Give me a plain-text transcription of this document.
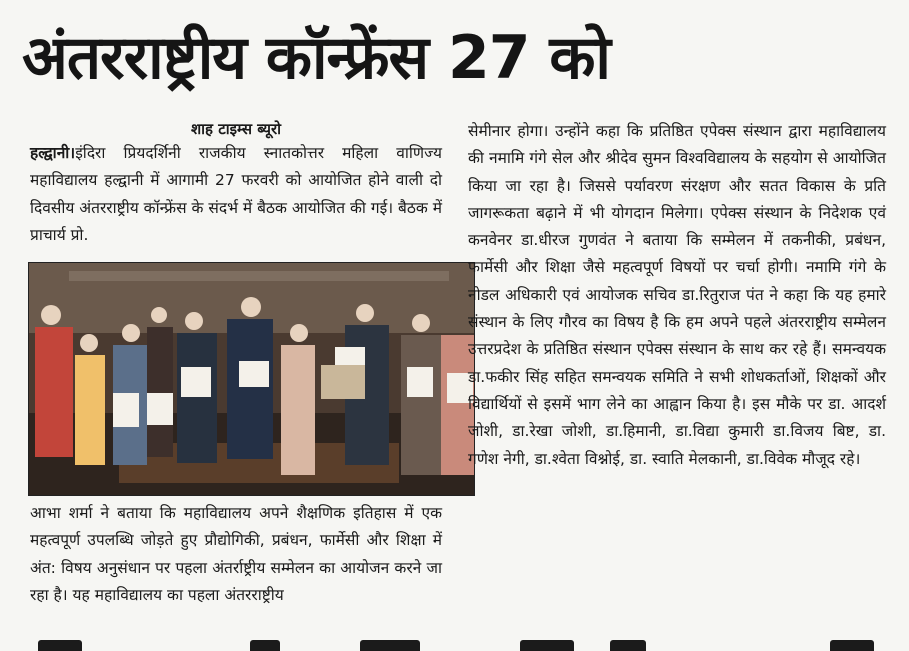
अंतरराष्ट्रीय कॉन्फ्रेंस 27 को
शाह टाइम्स ब्यूरो

हल्द्वानी।इंदिरा प्रियदर्शिनी राजकीय स्नातकोत्तर महिला वाणिज्य महाविद्यालय हल्द्वानी में आगामी 27 फरवरी को आयोजित होने वाली दो दिवसीय अंतरराष्ट्रीय कॉन्फ्रेंस के संदर्भ में बैठक आयोजित की गई। बैठक में प्राचार्य प्रो.

आभा शर्मा ने बताया कि महाविद्यालय अपने शैक्षणिक इतिहास में एक महत्वपूर्ण उपलब्धि जोड़ते हुए प्रौद्योगिकी, प्रबंधन, फार्मेसी और शिक्षा में अंत: विषय अनुसंधान पर पहला अंतर्राष्ट्रीय सम्मेलन का आयोजन करने जा रहा है। यह महाविद्यालय का पहला अंतरराष्ट्रीय

सेमीनार होगा। उन्होंने कहा कि प्रतिष्ठित एपेक्स संस्थान द्वारा महाविद्यालय की नमामि गंगे सेल और श्रीदेव सुमन विश्वविद्यालय के सहयोग से आयोजित किया जा रहा है। जिससे पर्यावरण संरक्षण और सतत विकास के प्रति जागरूकता बढ़ाने में भी योगदान मिलेगा। एपेक्स संस्थान के निदेशक एवं कनवेनर डा.धीरज गुणवंत ने बताया कि सम्मेलन में तकनीकी, प्रबंधन, फार्मेसी और शिक्षा जैसे महत्वपूर्ण विषयों पर चर्चा होगी। नमामि गंगे के नोडल अधिकारी एवं आयोजक सचिव डा.रितुराज पंत ने कहा कि यह हमारे संस्थान के लिए गौरव का विषय है कि हम अपने पहले अंतरराष्ट्रीय सम्मेलन उत्तरप्रदेश के प्रतिष्ठित संस्थान एपेक्स संस्थान के साथ कर रहे हैं। समन्वयक डा.फकीर सिंह सहित समन्वयक समिति ने सभी शोधकर्ताओं, शिक्षकों और विद्यार्थियों से इसमें भाग लेने का आह्वान किया है। इस मौके पर डा. आदर्श जोशी, डा.रेखा जोशी, डा.हिमानी, डा.विद्या कुमारी डा.विजय बिष्ट, डा. गणेश नेगी, डा.श्वेता विश्नोई, डा. स्वाति मेलकानी, डा.विवेक मौजूद रहे।
